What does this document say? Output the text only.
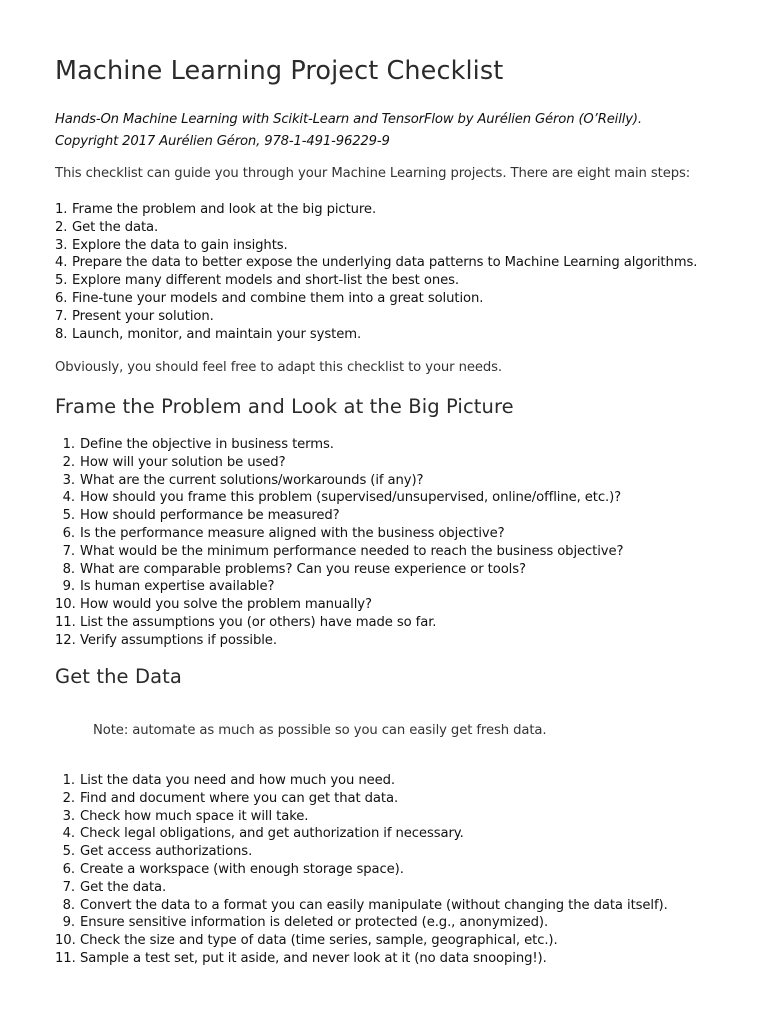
Machine Learning Project Checklist
Hands-On Machine Learning with Scikit-Learn and TensorFlow by Aurélien Géron (O’Reilly).
Copyright 2017 Aurélien Géron, 978-1-491-96229-9

This checklist can guide you through your Machine Learning projects. There are eight main steps:

1. Frame the problem and look at the big picture.
2. Get the data.
3. Explore the data to gain insights.
4. Prepare the data to better expose the underlying data patterns to Machine Learning algorithms.
5. Explore many different models and short-list the best ones.
6. Fine-tune your models and combine them into a great solution.
7. Present your solution.
8. Launch, monitor, and maintain your system.

Obviously, you should feel free to adapt this checklist to your needs.

Frame the Problem and Look at the Big Picture
1. Define the objective in business terms.
2. How will your solution be used?
3. What are the current solutions/workarounds (if any)?
4. How should you frame this problem (supervised/unsupervised, online/offline, etc.)?
5. How should performance be measured?
6. Is the performance measure aligned with the business objective?
7. What would be the minimum performance needed to reach the business objective?
8. What are comparable problems? Can you reuse experience or tools?
9. Is human expertise available?
10. How would you solve the problem manually?
11. List the assumptions you (or others) have made so far.
12. Verify assumptions if possible.
Get the Data

Note: automate as much as possible so you can easily get fresh data.

1. List the data you need and how much you need.
2. Find and document where you can get that data.
3. Check how much space it will take.
4. Check legal obligations, and get authorization if necessary.
5. Get access authorizations.
6. Create a workspace (with enough storage space).
7. Get the data.
8. Convert the data to a format you can easily manipulate (without changing the data itself).
9. Ensure sensitive information is deleted or protected (e.g., anonymized).
10. Check the size and type of data (time series, sample, geographical, etc.).
11. Sample a test set, put it aside, and never look at it (no data snooping!).
